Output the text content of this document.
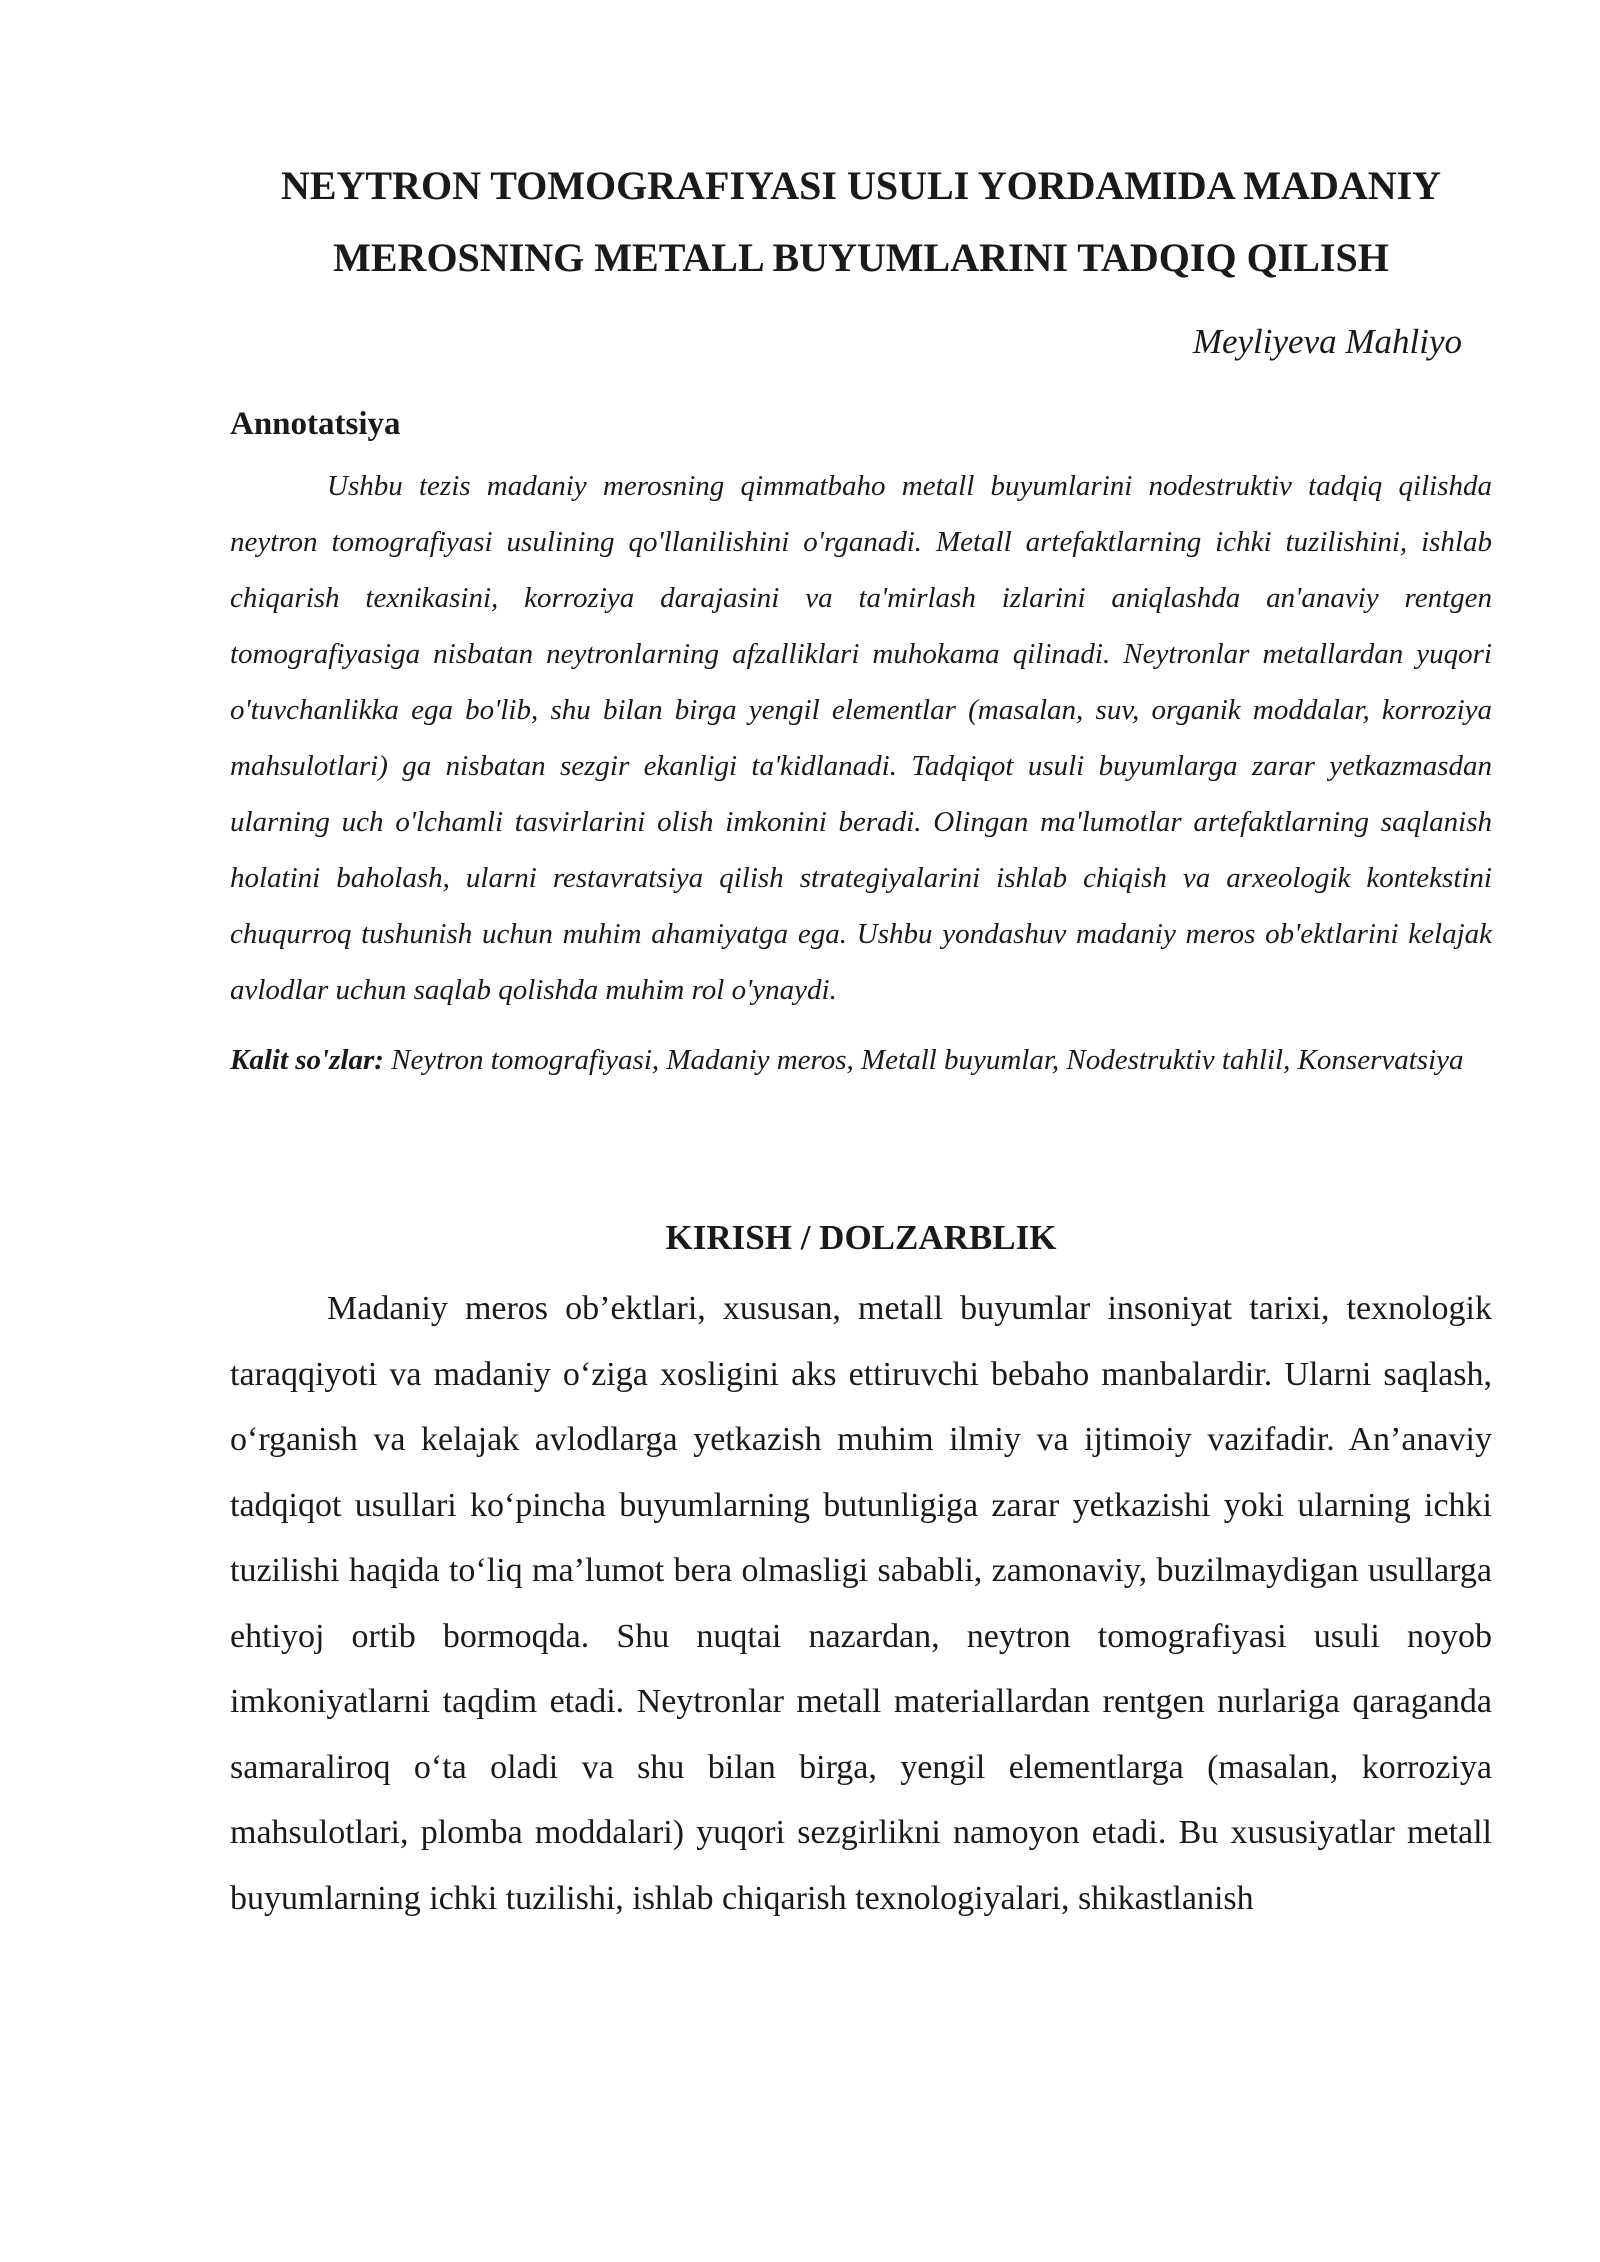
NEYTRON TOMOGRAFIYASI USULI YORDAMIDA MADANIY
MEROSNING METALL BUYUMLARINI TADQIQ QILISH
Meyliyeva Mahliyo
Annotatsiya

Ushbu tezis madaniy merosning qimmatbaho metall buyumlarini nodestruktiv tadqiq qilishda neytron tomografiyasi usulining qo'llanilishini o'rganadi. Metall artefaktlarning ichki tuzilishini, ishlab chiqarish texnikasini, korroziya darajasini va ta'mirlash izlarini aniqlashda an'anaviy rentgen tomografiyasiga nisbatan neytronlarning afzalliklari muhokama qilinadi. Neytronlar metallardan yuqori o'tuvchanlikka ega bo'lib, shu bilan birga yengil elementlar (masalan, suv, organik moddalar, korroziya mahsulotlari) ga nisbatan sezgir ekanligi ta'kidlanadi. Tadqiqot usuli buyumlarga zarar yetkazmasdan ularning uch o'lchamli tasvirlarini olish imkonini beradi. Olingan ma'lumotlar artefaktlarning saqlanish holatini baholash, ularni restavratsiya qilish strategiyalarini ishlab chiqish va arxeologik kontekstini chuqurroq tushunish uchun muhim ahamiyatga ega. Ushbu yondashuv madaniy meros ob'ektlarini kelajak avlodlar uchun saqlab qolishda muhim rol o'ynaydi.

Kalit so'zlar: Neytron tomografiyasi, Madaniy meros, Metall buyumlar, Nodestruktiv tahlil, Konservatsiya

KIRISH / DOLZARBLIK

Madaniy meros ob’ektlari, xususan, metall buyumlar insoniyat tarixi, texnologik taraqqiyoti va madaniy o‘ziga xosligini aks ettiruvchi bebaho manbalardir. Ularni saqlash, o‘rganish va kelajak avlodlarga yetkazish muhim ilmiy va ijtimoiy vazifadir. An’anaviy tadqiqot usullari ko‘pincha buyumlarning butunligiga zarar yetkazishi yoki ularning ichki tuzilishi haqida to‘liq ma’lumot bera olmasligi sababli, zamonaviy, buzilmaydigan usullarga ehtiyoj ortib bormoqda. Shu nuqtai nazardan, neytron tomografiyasi usuli noyob imkoniyatlarni taqdim etadi. Neytronlar metall materiallardan rentgen nurlariga qaraganda samaraliroq o‘ta oladi va shu bilan birga, yengil elementlarga (masalan, korroziya mahsulotlari, plomba moddalari) yuqori sezgirlikni namoyon etadi. Bu xususiyatlar metall buyumlarning ichki tuzilishi, ishlab chiqarish texnologiyalari, shikastlanish
